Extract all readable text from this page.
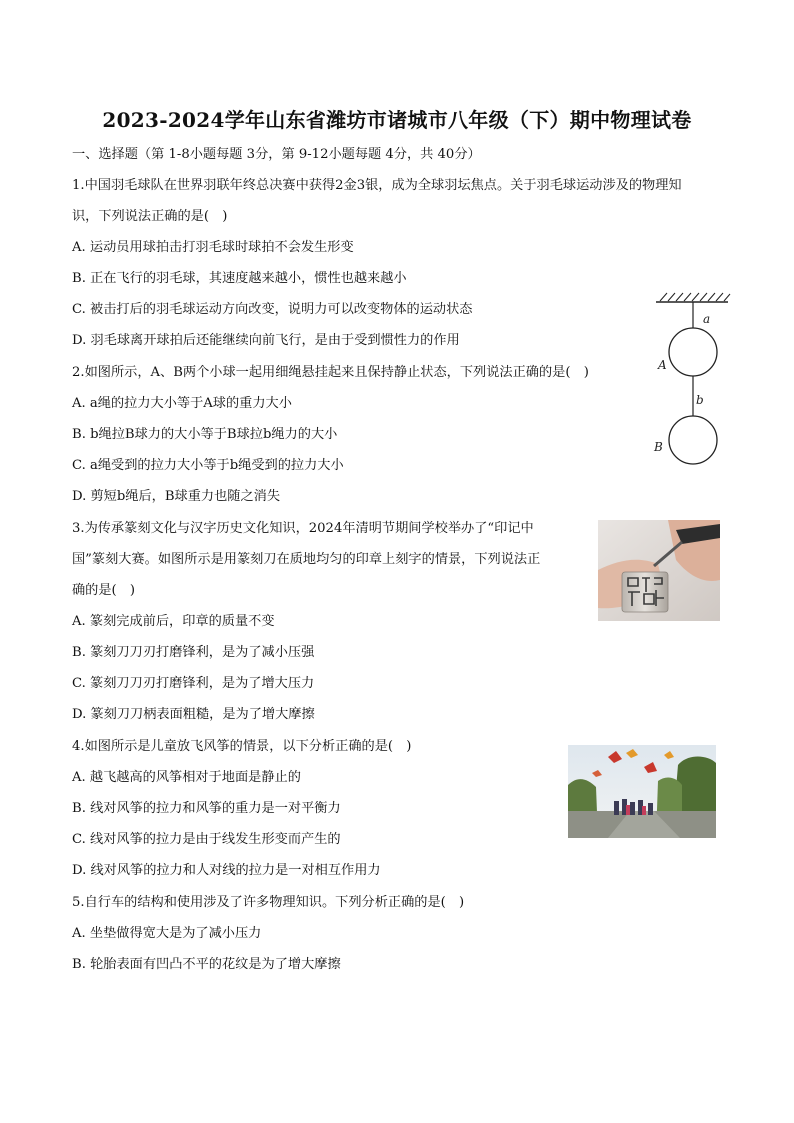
2023-2024学年山东省潍坊市诸城市八年级（下）期中物理试卷
一、选择题（第 1-8小题每题 3分，第 9-12小题每题 4分，共 40分）
1.中国羽毛球队在世界羽联年终总决赛中获得2金3银，成为全球羽坛焦点。关于羽毛球运动涉及的物理知
识，下列说法正确的是(　)
A. 运动员用球拍击打羽毛球时球拍不会发生形变
B. 正在飞行的羽毛球，其速度越来越小，惯性也越来越小
C. 被击打后的羽毛球运动方向改变，说明力可以改变物体的运动状态
D. 羽毛球离开球拍后还能继续向前飞行，是由于受到惯性力的作用
2.如图所示，A、B两个小球一起用细绳悬挂起来且保持静止状态，下列说法正确的是(　)
A. a绳的拉力大小等于A球的重力大小
B. b绳拉B球力的大小等于B球拉b绳力的大小
C. a绳受到的拉力大小等于b绳受到的拉力大小
D. 剪短b绳后，B球重力也随之消失
a
b
A
B
3.为传承篆刻文化与汉字历史文化知识，2024年清明节期间学校举办了“印记中
国”篆刻大赛。如图所示是用篆刻刀在质地均匀的印章上刻字的情景，下列说法正
确的是(　)
A. 篆刻完成前后，印章的质量不变
B. 篆刻刀刀刃打磨锋利，是为了减小压强
C. 篆刻刀刀刃打磨锋利，是为了增大压力
D. 篆刻刀刀柄表面粗糙，是为了增大摩擦
4.如图所示是儿童放飞风筝的情景，以下分析正确的是(　)
A. 越飞越高的风筝相对于地面是静止的
B. 线对风筝的拉力和风筝的重力是一对平衡力
C. 线对风筝的拉力是由于线发生形变而产生的
D. 线对风筝的拉力和人对线的拉力是一对相互作用力
5.自行车的结构和使用涉及了许多物理知识。下列分析正确的是(　)
A. 坐垫做得宽大是为了减小压力
B. 轮胎表面有凹凸不平的花纹是为了增大摩擦
